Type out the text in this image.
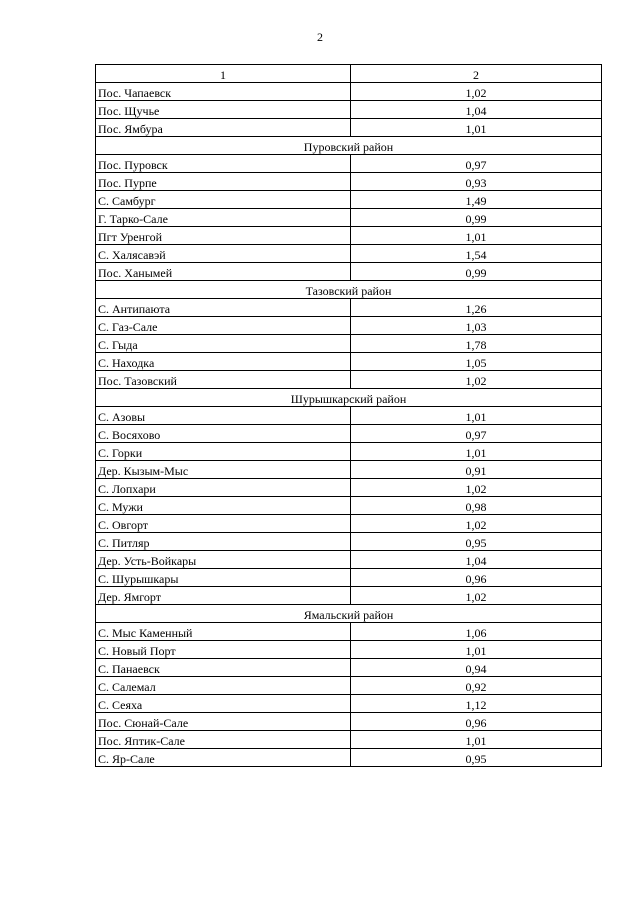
2
1	2
Пос. Чапаевск	1,02
Пос. Щучье	1,04
Пос. Ямбура	1,01
Пуровский район	
Пос. Пуровск	0,97
Пос. Пурпе	0,93
С. Самбург	1,49
Г. Тарко-Сале	0,99
Пгт Уренгой	1,01
С. Халясавэй	1,54
Пос. Ханымей	0,99
Тазовский район	
С. Антипаюта	1,26
С. Газ-Сале	1,03
С. Гыда	1,78
С. Находка	1,05
Пос. Тазовский	1,02
Шурышкарский район	
С. Азовы	1,01
С. Восяхово	0,97
С. Горки	1,01
Дер. Кызым-Мыс	0,91
С. Лопхари	1,02
С. Мужи	0,98
С. Овгорт	1,02
С. Питляр	0,95
Дер. Усть-Войкары	1,04
С. Шурышкары	0,96
Дер. Ямгорт	1,02
Ямальский район	
С. Мыс Каменный	1,06
С. Новый Порт	1,01
С. Панаевск	0,94
С. Салемал	0,92
С. Сеяха	1,12
Пос. Сюнай-Сале	0,96
Пос. Яптик-Сале	1,01
С. Яр-Сале	0,95
